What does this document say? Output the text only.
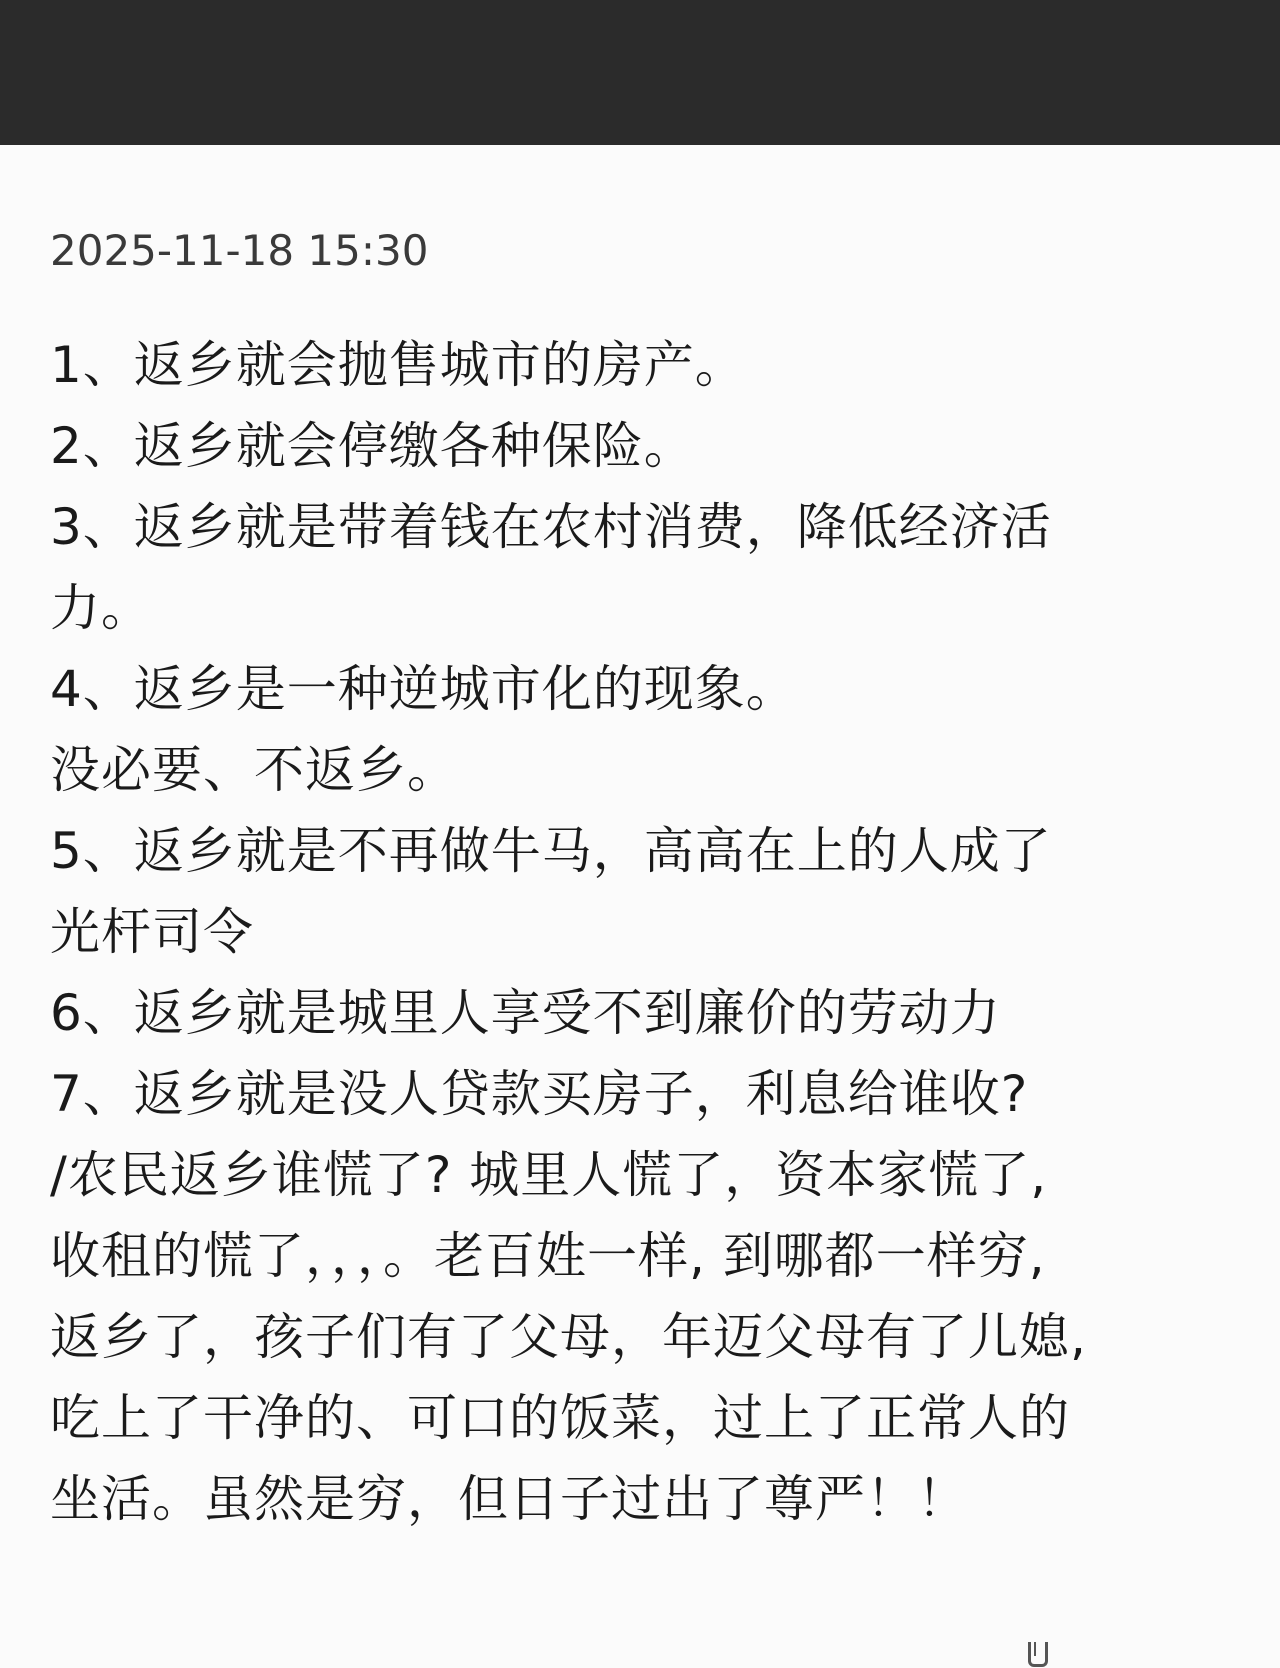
2025-11-18 15:30
1、返乡就会抛售城市的房产。
2、返乡就会停缴各种保险。
3、返乡就是带着钱在农村消费，降低经济活
力。
4、返乡是一种逆城市化的现象。
没必要、不返乡。
5、返乡就是不再做牛马，高高在上的人成了
光杆司令
6、返乡就是城里人享受不到廉价的劳动力
7、返乡就是没人贷款买房子，利息给谁收?
/农民返乡谁慌了? 城里人慌了，资本家慌了,
收租的慌了，，，。老百姓一样, 到哪都一样穷,
返乡了，孩子们有了父母，年迈父母有了儿媳,
吃上了干净的、可口的饭菜，过上了正常人的
坐活。虽然是穷，但日子过出了尊严！！
